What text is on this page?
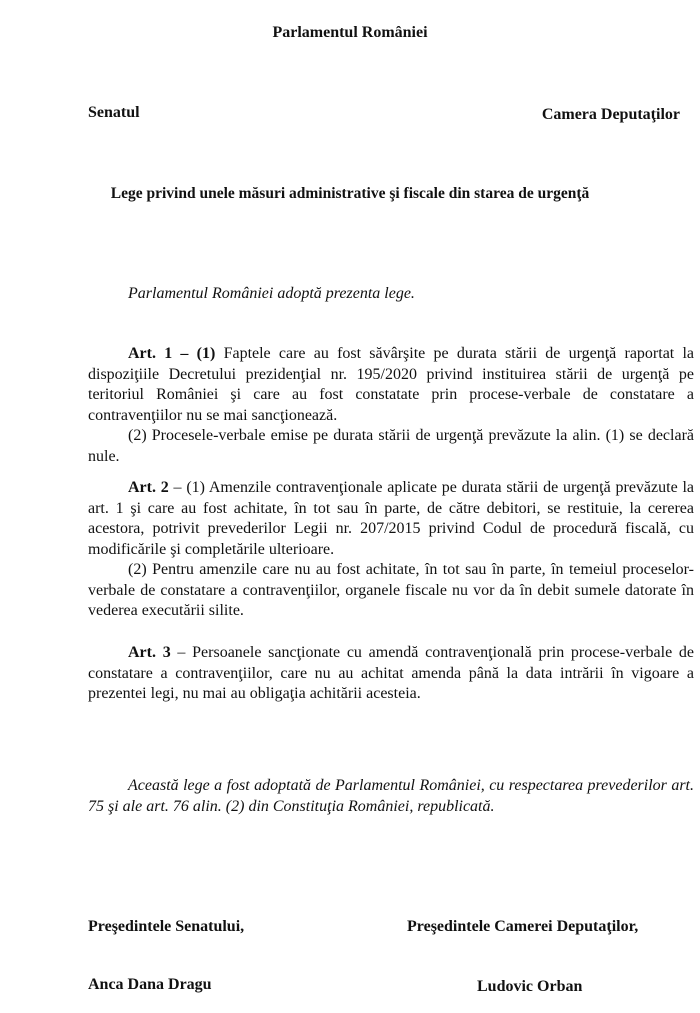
Parlamentul României
Senatul	Camera Deputaţilor
Lege privind unele măsuri administrative şi fiscale din starea de urgenţă
Parlamentul României adoptă prezenta lege.

Art. 1 – (1) Faptele care au fost săvârşite pe durata stării de urgenţă raportat la dispoziţiile Decretului prezidenţial nr. 195/2020 privind instituirea stării de urgenţă pe teritoriul României şi care au fost constatate prin procese-verbale de constatare a contravenţiilor nu se mai sancţionează.

(2) Procesele-verbale emise pe durata stării de urgenţă prevăzute la alin. (1) se declară nule.

Art. 2 – (1) Amenzile contravenţionale aplicate pe durata stării de urgenţă prevăzute la art. 1 şi care au fost achitate, în tot sau în parte, de către debitori, se restituie, la cererea acestora, potrivit prevederilor Legii nr. 207/2015 privind Codul de procedură fiscală, cu modificările şi completările ulterioare.

(2) Pentru amenzile care nu au fost achitate, în tot sau în parte, în temeiul proceselor-verbale de constatare a contravenţiilor, organele fiscale nu vor da în debit sumele datorate în vederea executării silite.

Art. 3 – Persoanele sancţionate cu amendă contravenţională prin procese-verbale de constatare a contravenţiilor, care nu au achitat amenda până la data intrării în vigoare a prezentei legi, nu mai au obligaţia achitării acesteia.

Această lege a fost adoptată de Parlamentul României, cu respectarea prevederilor art. 75 şi ale art. 76 alin. (2) din Constituţia României, republicată.

Preşedintele Senatului,	Preşedintele Camerei Deputaţilor,
Anca Dana Dragu	Ludovic Orban
